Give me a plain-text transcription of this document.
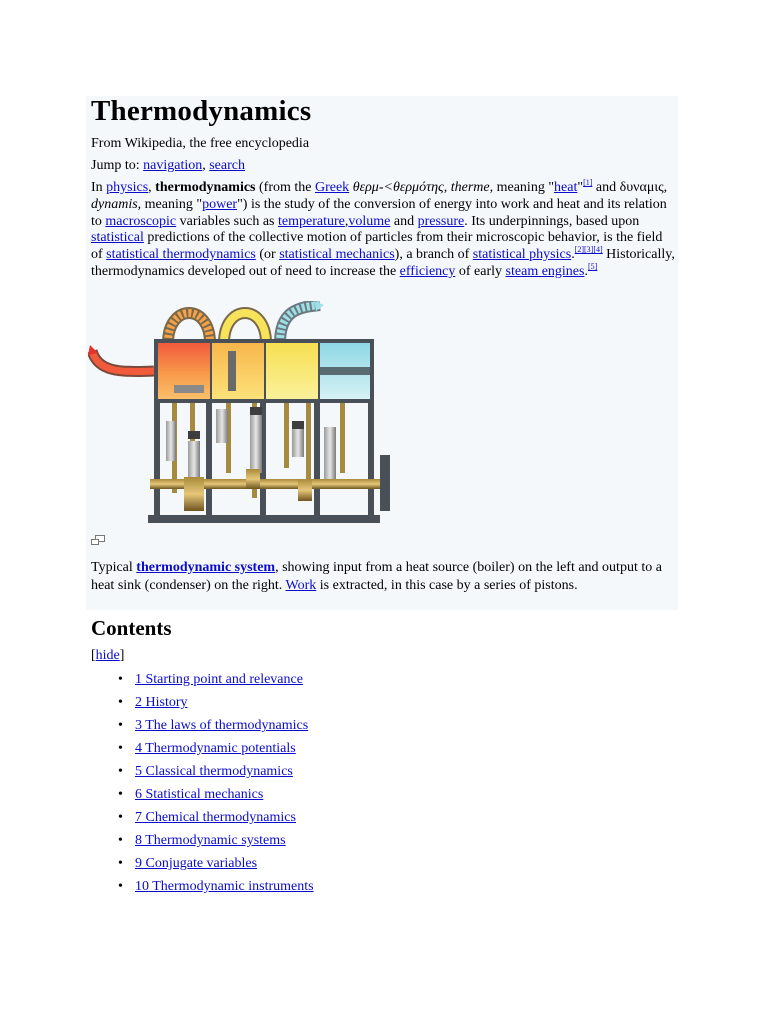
Thermodynamics
From Wikipedia, the free encyclopedia
Jump to: navigation, search

In physics, thermodynamics (from the Greek θερμ-<θερμότης, therme, meaning "heat"[1] and δυναμις, dynamis, meaning "power") is the study of the conversion of energy into work and heat and its relation to macroscopic variables such as temperature,volume and pressure. Its underpinnings, based upon statistical predictions of the collective motion of particles from their microscopic behavior, is the field of statistical thermodynamics (or statistical mechanics), a branch of statistical physics.[2][3][4] Historically, thermodynamics developed out of need to increase the efficiency of early steam engines.[5]

Typical thermodynamic system, showing input from a heat source (boiler) on the left and output to a heat sink (condenser) on the right. Work is extracted, in this case by a series of pistons.

Contents
[hide]
• 1 Starting point and relevance
• 2 History
• 3 The laws of thermodynamics
• 4 Thermodynamic potentials
• 5 Classical thermodynamics
• 6 Statistical mechanics
• 7 Chemical thermodynamics
• 8 Thermodynamic systems
• 9 Conjugate variables
• 10 Thermodynamic instruments
